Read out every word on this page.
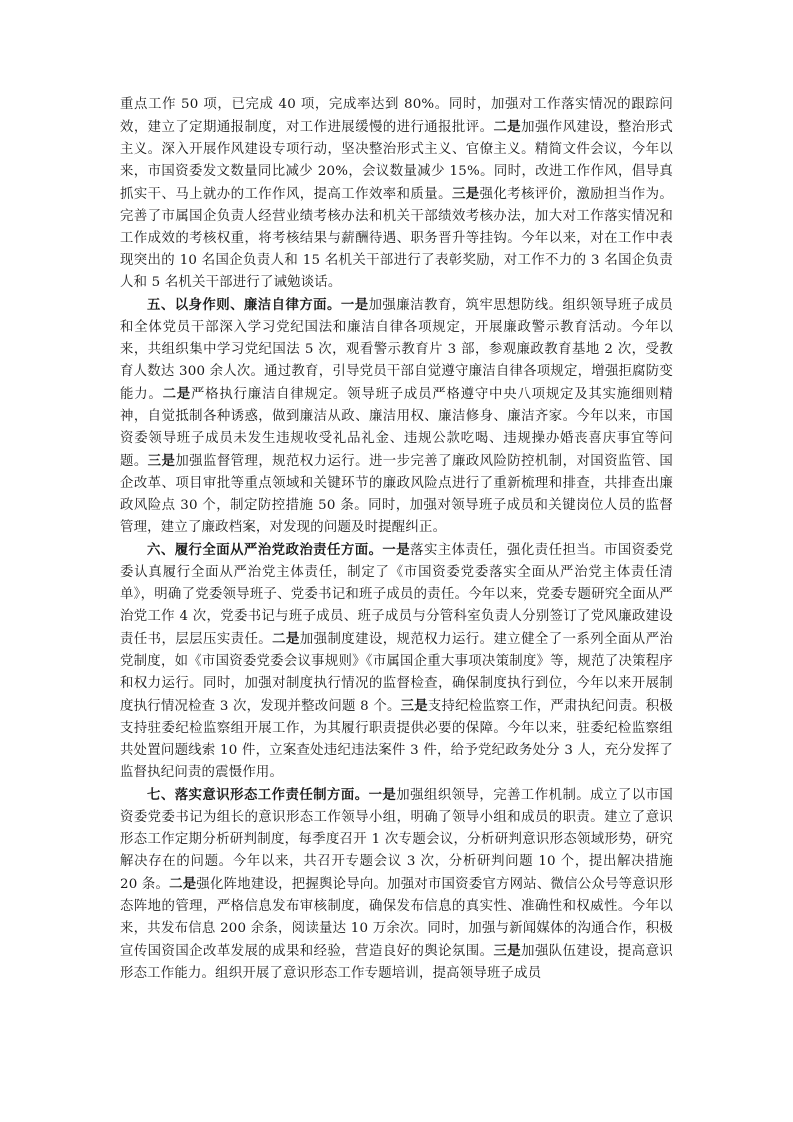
重点工作 50 项，已完成 40 项，完成率达到 80%。同时，加强对工作落实情况的跟踪问效，建立了定期通报制度，对工作进展缓慢的进行通报批评。二是加强作风建设，整治形式主义。深入开展作风建设专项行动，坚决整治形式主义、官僚主义。精简文件会议，今年以来，市国资委发文数量同比减少 20%，会议数量减少 15%。同时，改进工作作风，倡导真抓实干、马上就办的工作作风，提高工作效率和质量。三是强化考核评价，激励担当作为。完善了市属国企负责人经营业绩考核办法和机关干部绩效考核办法，加大对工作落实情况和工作成效的考核权重，将考核结果与薪酬待遇、职务晋升等挂钩。今年以来，对在工作中表现突出的 10 名国企负责人和 15 名机关干部进行了表彰奖励，对工作不力的 3 名国企负责人和 5 名机关干部进行了诫勉谈话。

五、以身作则、廉洁自律方面。一是加强廉洁教育，筑牢思想防线。组织领导班子成员和全体党员干部深入学习党纪国法和廉洁自律各项规定，开展廉政警示教育活动。今年以来，共组织集中学习党纪国法 5 次，观看警示教育片 3 部，参观廉政教育基地 2 次，受教育人数达 300 余人次。通过教育，引导党员干部自觉遵守廉洁自律各项规定，增强拒腐防变能力。二是严格执行廉洁自律规定。领导班子成员严格遵守中央八项规定及其实施细则精神，自觉抵制各种诱惑，做到廉洁从政、廉洁用权、廉洁修身、廉洁齐家。今年以来，市国资委领导班子成员未发生违规收受礼品礼金、违规公款吃喝、违规操办婚丧喜庆事宜等问题。三是加强监督管理，规范权力运行。进一步完善了廉政风险防控机制，对国资监管、国企改革、项目审批等重点领域和关键环节的廉政风险点进行了重新梳理和排查，共排查出廉政风险点 30 个，制定防控措施 50 条。同时，加强对领导班子成员和关键岗位人员的监督管理，建立了廉政档案，对发现的问题及时提醒纠正。

六、履行全面从严治党政治责任方面。一是落实主体责任，强化责任担当。市国资委党委认真履行全面从严治党主体责任，制定了《市国资委党委落实全面从严治党主体责任清单》，明确了党委领导班子、党委书记和班子成员的责任。今年以来，党委专题研究全面从严治党工作 4 次，党委书记与班子成员、班子成员与分管科室负责人分别签订了党风廉政建设责任书，层层压实责任。二是加强制度建设，规范权力运行。建立健全了一系列全面从严治党制度，如《市国资委党委会议事规则》《市属国企重大事项决策制度》等，规范了决策程序和权力运行。同时，加强对制度执行情况的监督检查，确保制度执行到位，今年以来开展制度执行情况检查 3 次，发现并整改问题 8 个。三是支持纪检监察工作，严肃执纪问责。积极支持驻委纪检监察组开展工作，为其履行职责提供必要的保障。今年以来，驻委纪检监察组共处置问题线索 10 件，立案查处违纪违法案件 3 件，给予党纪政务处分 3 人，充分发挥了监督执纪问责的震慑作用。

七、落实意识形态工作责任制方面。一是加强组织领导，完善工作机制。成立了以市国资委党委书记为组长的意识形态工作领导小组，明确了领导小组和成员的职责。建立了意识形态工作定期分析研判制度，每季度召开 1 次专题会议，分析研判意识形态领域形势，研究解决存在的问题。今年以来，共召开专题会议 3 次，分析研判问题 10 个，提出解决措施 20 条。二是强化阵地建设，把握舆论导向。加强对市国资委官方网站、微信公众号等意识形态阵地的管理，严格信息发布审核制度，确保发布信息的真实性、准确性和权威性。今年以来，共发布信息 200 余条，阅读量达 10 万余次。同时，加强与新闻媒体的沟通合作，积极宣传国资国企改革发展的成果和经验，营造良好的舆论氛围。三是加强队伍建设，提高意识形态工作能力。组织开展了意识形态工作专题培训，提高领导班子成员
